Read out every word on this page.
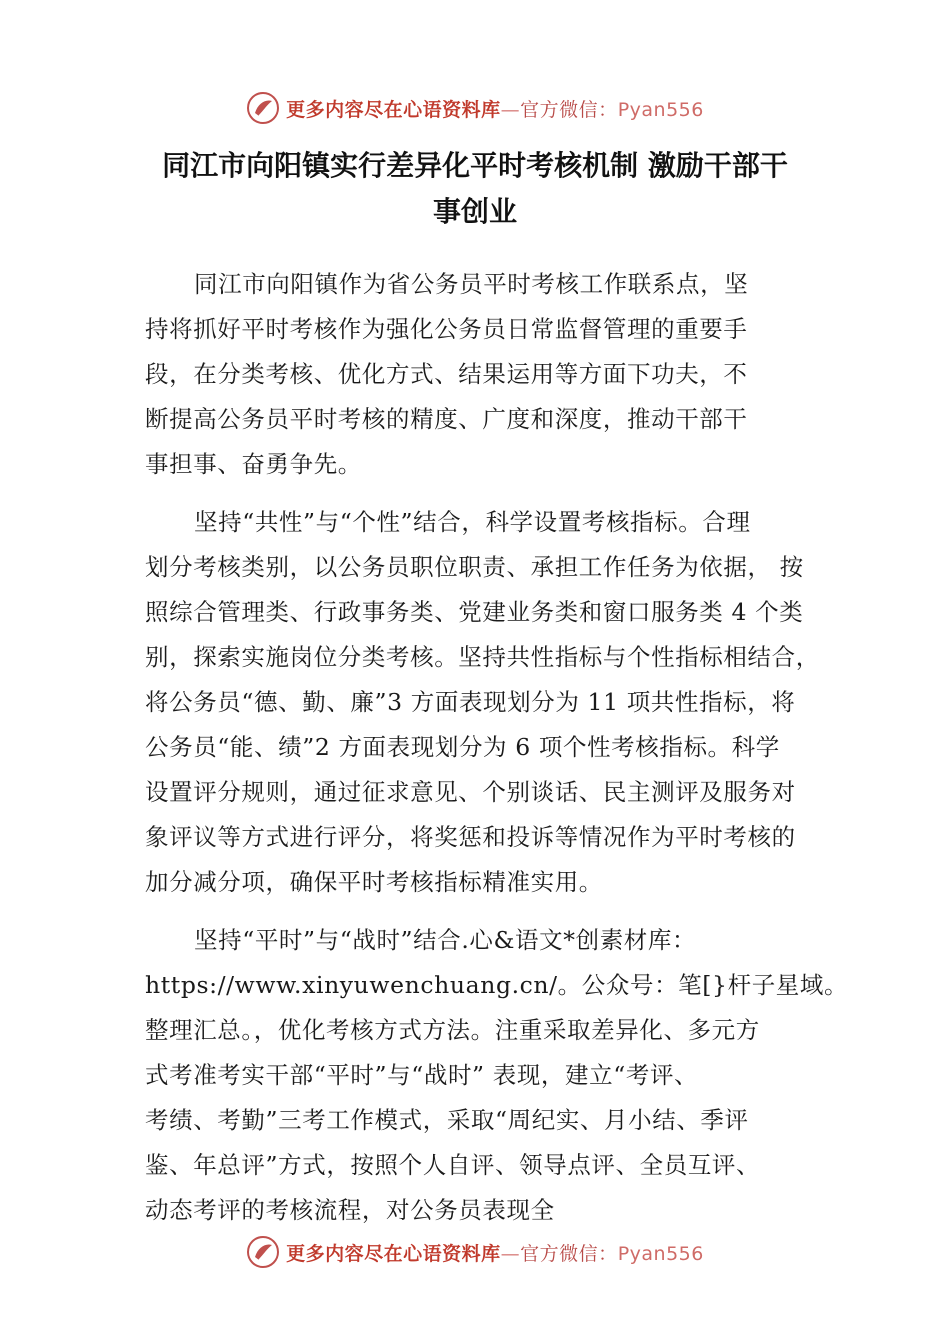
更多内容尽在心语资料库—官方微信：Pyan556
同江市向阳镇实行差异化平时考核机制 激励干部干
事创业
同江市向阳镇作为省公务员平时考核工作联系点，坚
持将抓好平时考核作为强化公务员日常监督管理的重要手
段，在分类考核、优化方式、结果运用等方面下功夫，不
断提高公务员平时考核的精度、广度和深度，推动干部干
事担事、奋勇争先。
坚持“共性”与“个性”结合，科学设置考核指标。合理
划分考核类别，以公务员职位职责、承担工作任务为依据， 按
照综合管理类、行政事务类、党建业务类和窗口服务类 4 个类
别，探索实施岗位分类考核。坚持共性指标与个性指标相结合，
将公务员“德、勤、廉”3 方面表现划分为 11 项共性指标，将
公务员“能、绩”2 方面表现划分为 6 项个性考核指标。科学
设置评分规则，通过征求意见、个别谈话、民主测评及服务对
象评议等方式进行评分，将奖惩和投诉等情况作为平时考核的
加分减分项，确保平时考核指标精准实用。
坚持“平时”与“战时”结合.心&语文*创素材库：
https://www.xinyuwenchuang.cn/。公众号：笔[}杆子星域。
整理汇总。，优化考核方式方法。注重采取差异化、多元方
式考准考实干部“平时”与“战时” 表现，建立“考评、
考绩、考勤”三考工作模式，采取“周纪实、月小结、季评
鉴、年总评”方式，按照个人自评、领导点评、全员互评、
动态考评的考核流程，对公务员表现全
更多内容尽在心语资料库—官方微信：Pyan556
